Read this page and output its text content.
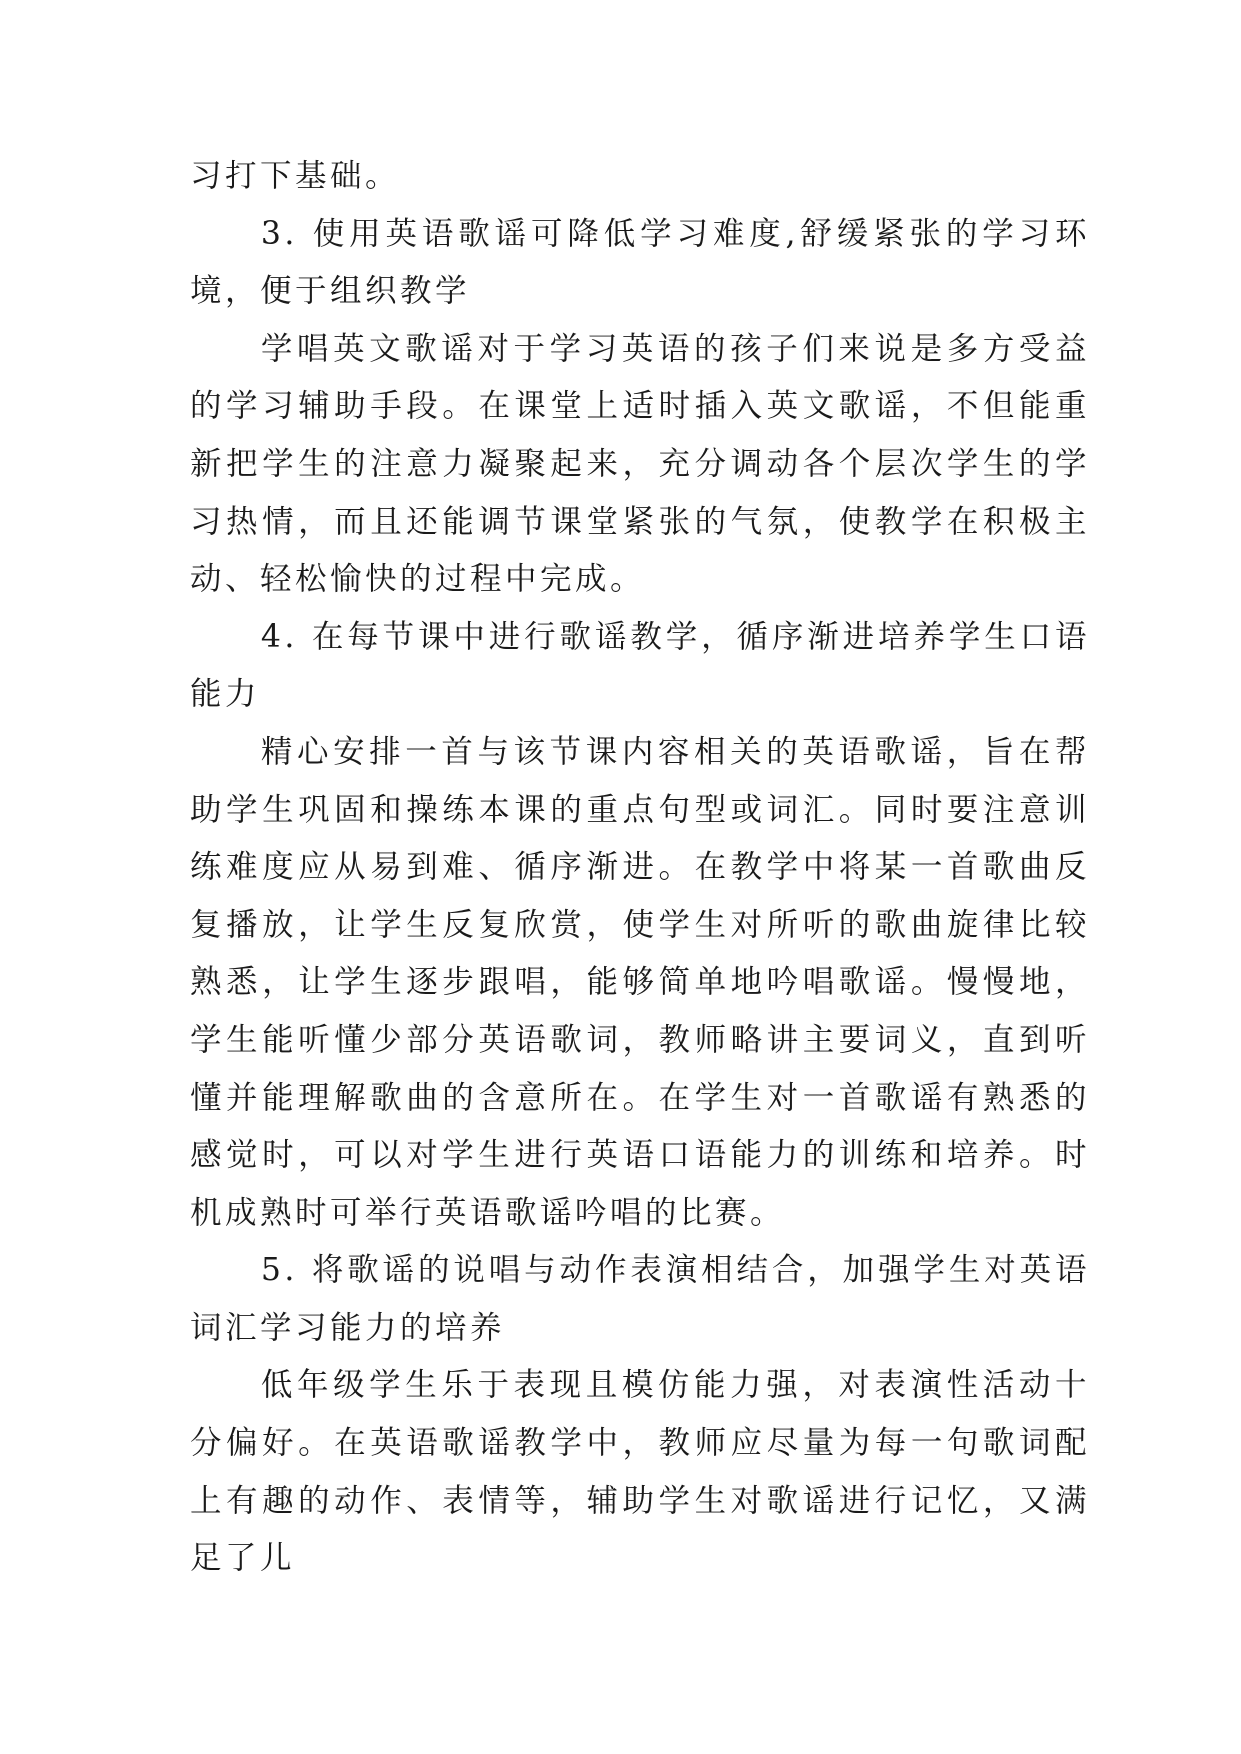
习打下基础。

3. 使用英语歌谣可降低学习难度,舒缓紧张的学习环境，便于组织教学

学唱英文歌谣对于学习英语的孩子们来说是多方受益的学习辅助手段。在课堂上适时插入英文歌谣，不但能重新把学生的注意力凝聚起来，充分调动各个层次学生的学习热情，而且还能调节课堂紧张的气氛，使教学在积极主动、轻松愉快的过程中完成。

4. 在每节课中进行歌谣教学，循序渐进培养学生口语能力

精心安排一首与该节课内容相关的英语歌谣，旨在帮助学生巩固和操练本课的重点句型或词汇。同时要注意训练难度应从易到难、循序渐进。在教学中将某一首歌曲反复播放，让学生反复欣赏，使学生对所听的歌曲旋律比较熟悉，让学生逐步跟唱，能够简单地吟唱歌谣。慢慢地，学生能听懂少部分英语歌词，教师略讲主要词义，直到听懂并能理解歌曲的含意所在。在学生对一首歌谣有熟悉的感觉时，可以对学生进行英语口语能力的训练和培养。时机成熟时可举行英语歌谣吟唱的比赛。

5. 将歌谣的说唱与动作表演相结合，加强学生对英语词汇学习能力的培养

低年级学生乐于表现且模仿能力强，对表演性活动十分偏好。在英语歌谣教学中，教师应尽量为每一句歌词配上有趣的动作、表情等，辅助学生对歌谣进行记忆，又满足了儿
